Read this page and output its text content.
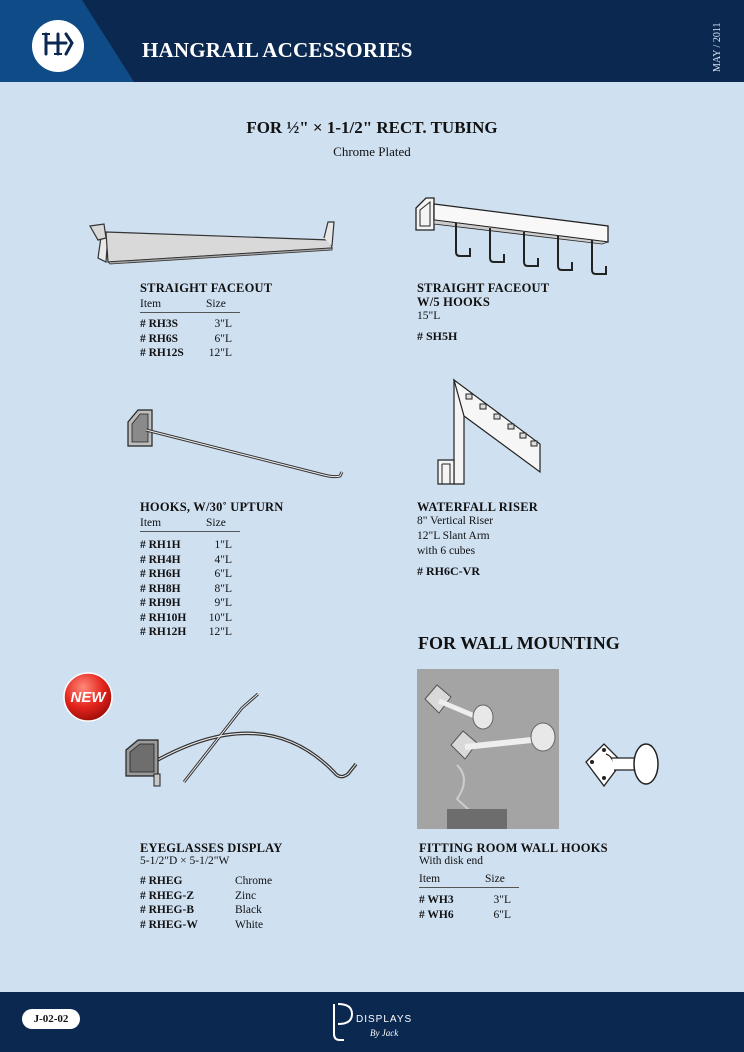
HANGRAIL ACCESSORIES	MAY / 2011
FOR ½" × 1-1/2" RECT. TUBING
Chrome Plated
STRAIGHT FACEOUT
Item	Size
# RH3S	3"L
# RH6S	6"L
# RH12S	12"L
STRAIGHT FACEOUT
W/5 HOOKS
15"L
# SH5H
HOOKS, W/30˚ UPTURN
Item	Size
# RH1H	1"L
# RH4H	4"L
# RH6H	6"L
# RH8H	8"L
# RH9H	9"L
# RH10H	10"L
# RH12H	12"L
WATERFALL RISER
8" Vertical Riser
12"L Slant Arm
with 6 cubes
# RH6C-VR
NEW
EYEGLASSES DISPLAY
5-1/2"D × 5-1/2"W
# RHEG	Chrome
# RHEG-Z	Zinc
# RHEG-B	Black
# RHEG-W	White
FOR WALL MOUNTING
FITTING ROOM WALL HOOKS
With disk end
Item	Size
# WH3	3"L
# WH6	6"L
J-02-02	DISPLAYS
By Jack
